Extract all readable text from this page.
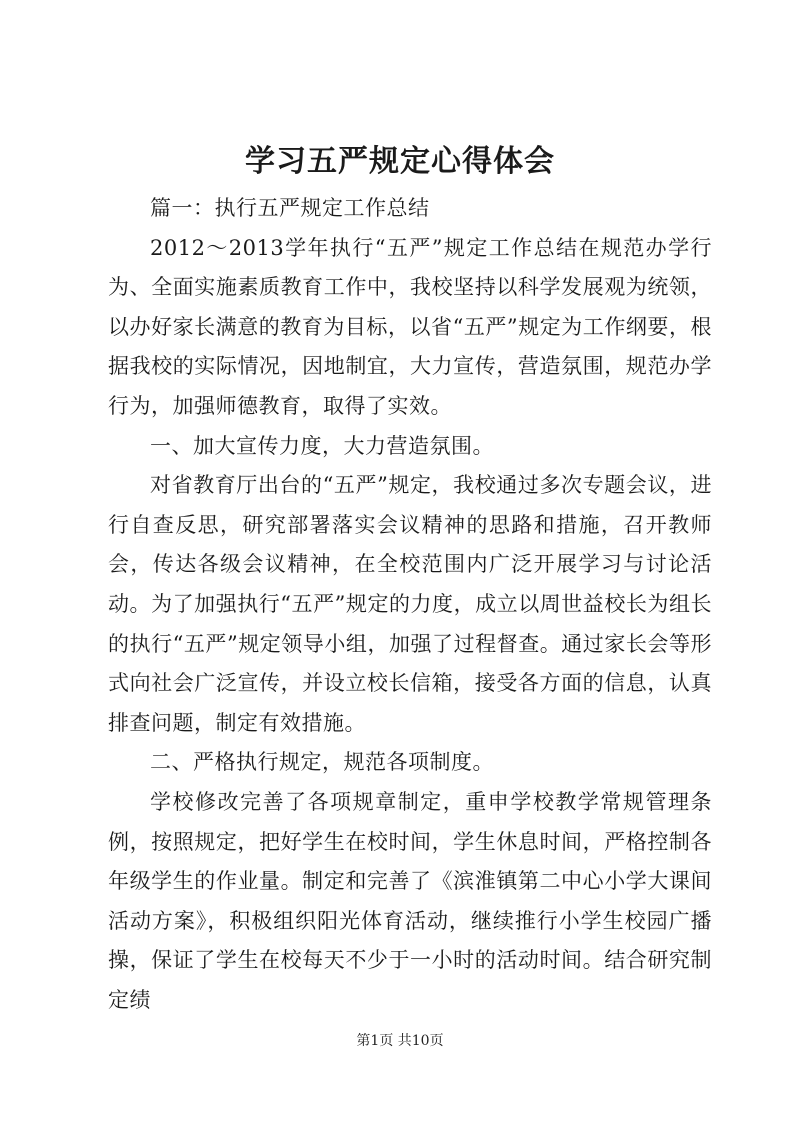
学习五严规定心得体会

篇一：执行五严规定工作总结

2012～2013学年执行“五严”规定工作总结在规范办学行为、全面实施素质教育工作中，我校坚持以科学发展观为统领，以办好家长满意的教育为目标，以省“五严”规定为工作纲要，根据我校的实际情况，因地制宜，大力宣传，营造氛围，规范办学行为，加强师德教育，取得了实效。

一、加大宣传力度，大力营造氛围。

对省教育厅出台的“五严”规定，我校通过多次专题会议，进行自查反思，研究部署落实会议精神的思路和措施，召开教师会，传达各级会议精神，在全校范围内广泛开展学习与讨论活动。为了加强执行“五严”规定的力度，成立以周世益校长为组长的执行“五严”规定领导小组，加强了过程督查。通过家长会等形式向社会广泛宣传，并设立校长信箱，接受各方面的信息，认真排查问题，制定有效措施。

二、严格执行规定，规范各项制度。

学校修改完善了各项规章制定，重申学校教学常规管理条例，按照规定，把好学生在校时间，学生休息时间，严格控制各年级学生的作业量。制定和完善了《滨淮镇第二中心小学大课间活动方案》，积极组织阳光体育活动，继续推行小学生校园广播操，保证了学生在校每天不少于一小时的活动时间。结合研究制定绩

第1页 共10页
